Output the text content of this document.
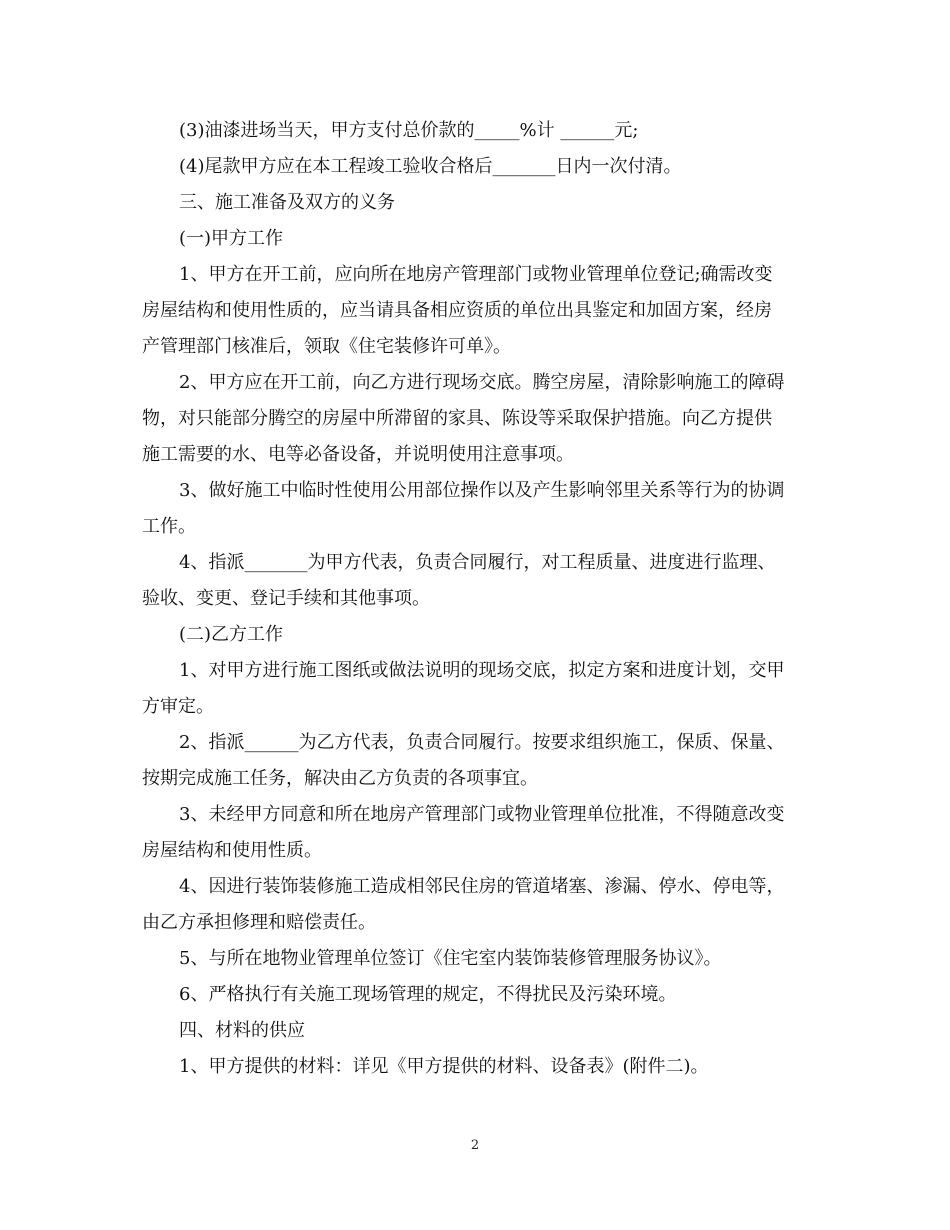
(3)油漆进场当天，甲方支付总价款的_____%计 ______元;

(4)尾款甲方应在本工程竣工验收合格后_______日内一次付清。

三、施工准备及双方的义务

(一)甲方工作

1、甲方在开工前，应向所在地房产管理部门或物业管理单位登记;确需改变

房屋结构和使用性质的，应当请具备相应资质的单位出具鉴定和加固方案，经房

产管理部门核准后，领取《住宅装修许可单》。

2、甲方应在开工前，向乙方进行现场交底。腾空房屋，清除影响施工的障碍

物，对只能部分腾空的房屋中所滞留的家具、陈设等采取保护措施。向乙方提供

施工需要的水、电等必备设备，并说明使用注意事项。

3、做好施工中临时性使用公用部位操作以及产生影响邻里关系等行为的协调

工作。

4、指派_______为甲方代表，负责合同履行，对工程质量、进度进行监理、

验收、变更、登记手续和其他事项。

(二)乙方工作

1、对甲方进行施工图纸或做法说明的现场交底，拟定方案和进度计划，交甲

方审定。

2、指派______为乙方代表，负责合同履行。按要求组织施工，保质、保量、

按期完成施工任务，解决由乙方负责的各项事宜。

3、未经甲方同意和所在地房产管理部门或物业管理单位批准，不得随意改变

房屋结构和使用性质。

4、因进行装饰装修施工造成相邻民住房的管道堵塞、渗漏、停水、停电等，

由乙方承担修理和赔偿责任。

5、与所在地物业管理单位签订《住宅室内装饰装修管理服务协议》。

6、严格执行有关施工现场管理的规定，不得扰民及污染环境。

四、材料的供应

1、甲方提供的材料：详见《甲方提供的材料、设备表》(附件二)。

2
